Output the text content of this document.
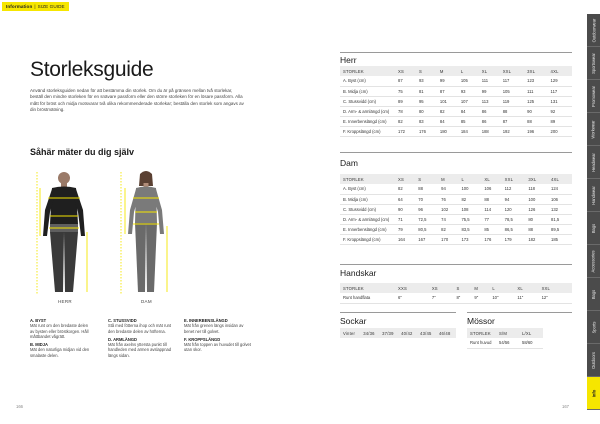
Information | SIZE GUIDE
Storleksguide

Använd storleksguiden nedan för att bestämma din storlek. Om du är på gränsen mellan två storlekar, beställ den mindre storleken för en snävare passform eller den större storleken för en lösare passform. Alla mått för bröst och midja motsvarar två olika rekommenderade storlekar; beställa den storlek som angavs av din bröstmätning.

Såhär mäter du dig själv
HERR	DAM
A. BYST
Mät runt om den bredaste delen av bysten eller bröstkorgen. Håll måttbandet vågrätt.
B. MIDJA
Mät den naturliga midjan vid den smalaste delen.
C. STUSSVIDD
Stå med fötterna ihop och mät runt den bredaste delen av höfterna.
D. ARMLÄNGD
Mät från axelns yttersta punkt till handleden med armen avslappnad längs sidan.
E. INNERBENSLÄNGD
Mät från grenen längs insidan av benet ner till golvet.
F. KROPPSLÄNGD
Mät från toppen av huvudet till golvet utan skor.
166
Herr
STORLEK	XS	S	M	L	XL	XXL	3XL	4XL
A. Byst (cm)	87	93	99	105	111	117	123	129
B. Midja (cm)	75	81	87	93	99	105	111	117
C. Stussvidd (cm)	89	95	101	107	113	119	125	131
D. Arm- & armlängd (cm)	78	80	82	84	86	88	90	92
E. Innerbenslängd (cm)	82	83	84	85	86	87	88	89
F. Kroppslängd (cm)	172	176	180	184	188	192	196	200
Dam
STORLEK	XS	S	M	L	XL	XXL	3XL	4XL
A. Byst (cm)	82	88	94	100	106	112	118	124
B. Midja (cm)	64	70	76	82	88	94	100	106
C. Stussvidd (cm)	90	96	102	108	114	120	126	132
D. Arm- & armlängd (cm)	71	72,5	74	75,5	77	78,5	80	81,5
E. Innerbenslängd (cm)	79	80,5	82	83,5	85	86,5	88	89,5
F. Kroppslängd (cm)	164	167	170	173	176	179	182	185
Handskar
STORLEK	XXS	XS	S	M	L	XL	XXL
Runt handflata	6"	7"	8"	9"	10"	11"	12"
Sockar
Vinter	34/36	37/39	40/42	43/45	46/48
Mössor
STORLEK	S/M	L/XL
Runt huvud	54/56	58/60
167
Outdoorwear
Sportswear
Promowear
Workwear
Headwear
Handwear
Bags
Accessories
Bags
Sports
Outdoors
Info
